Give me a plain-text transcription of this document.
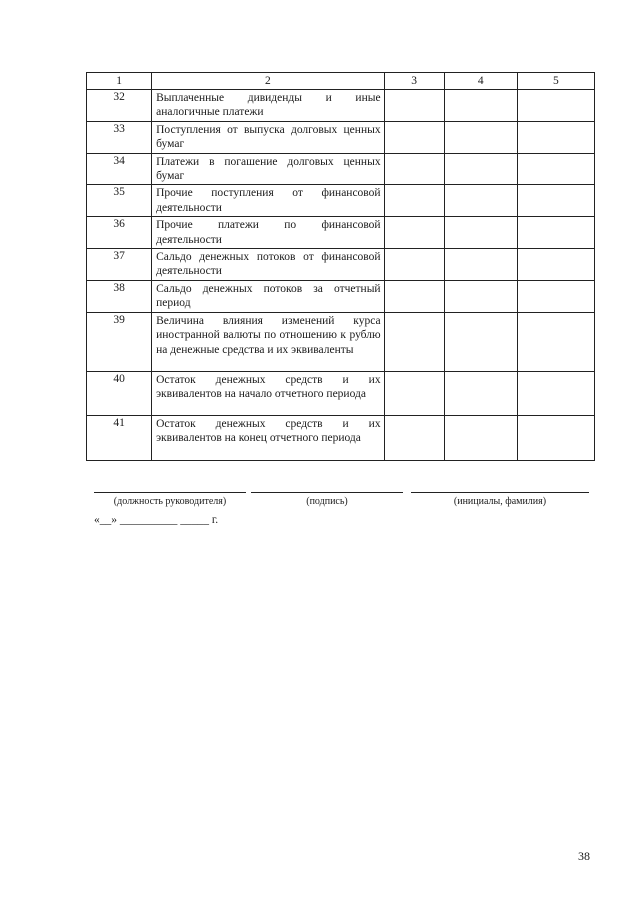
1	2	3	4	5
32	Выплаченные дивиденды и иные аналогичные платежи			
33	Поступления от выпуска долговых ценных бумаг			
34	Платежи в погашение долговых ценных бумаг			
35	Прочие поступления от финансовой деятельности			
36	Прочие платежи по финансовой деятельности			
37	Сальдо денежных потоков от финансовой деятельности			
38	Сальдо денежных потоков за отчетный период			
39	Величина влияния изменений курса иностранной валюты по отношению к рублю на денежные средства и их эквиваленты			
40	Остаток денежных средств и их эквивалентов на начало отчетного периода			
41	Остаток денежных средств и их эквивалентов на конец отчетного периода			
(должность руководителя)	(подпись)	(инициалы, фамилия)
«__» __________ _____ г.
38
